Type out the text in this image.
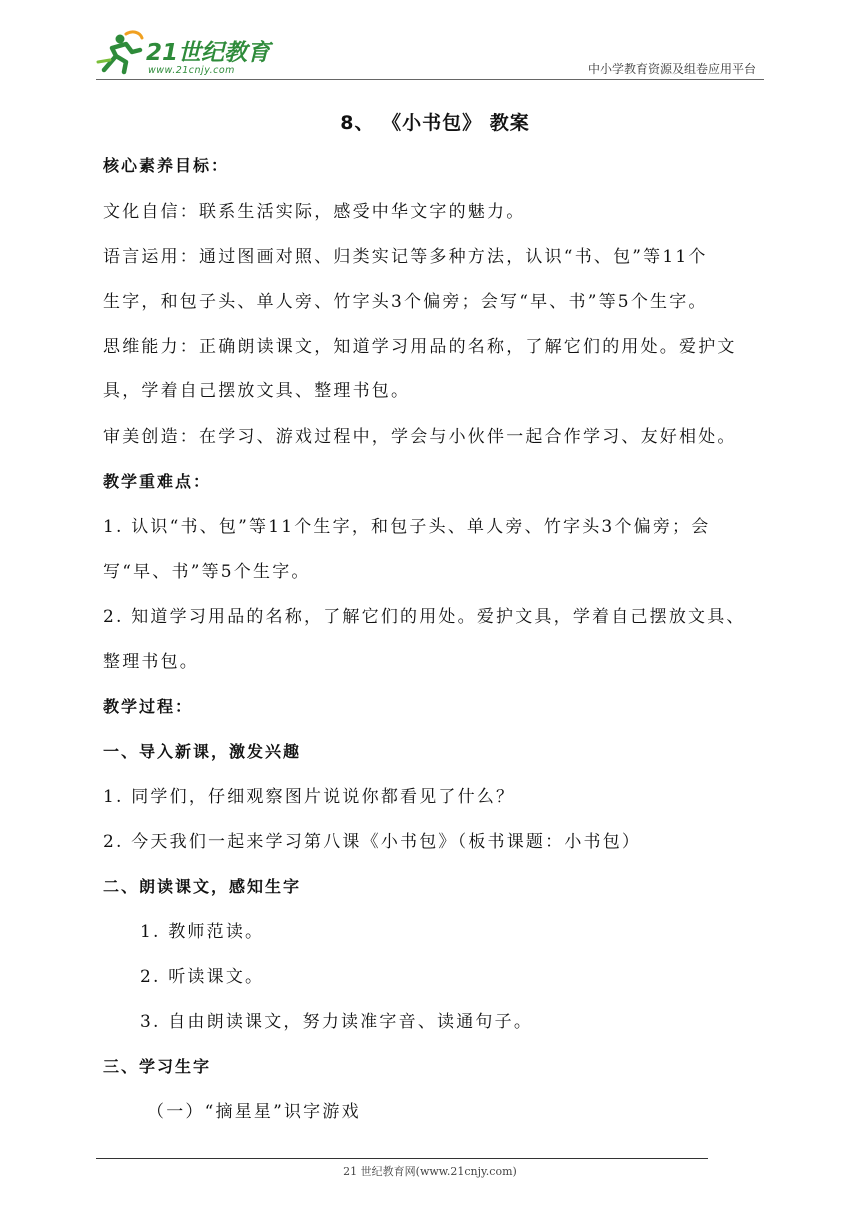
21世纪教育
www.21cnjy.com	中小学教育资源及组卷应用平台
8、 《小书包》 教案
核心素养目标：
文化自信：联系生活实际，感受中华文字的魅力。
语言运用：通过图画对照、归类实记等多种方法，认识“书、包”等11个
生字，和包子头、单人旁、竹字头3个偏旁；会写“早、书”等5个生字。
思维能力：正确朗读课文，知道学习用品的名称，了解它们的用处。爱护文
具，学着自己摆放文具、整理书包。
审美创造：在学习、游戏过程中，学会与小伙伴一起合作学习、友好相处。
教学重难点：
1. 认识“书、包”等11个生字，和包子头、单人旁、竹字头3个偏旁；会
写“早、书”等5个生字。
2. 知道学习用品的名称，了解它们的用处。爱护文具，学着自己摆放文具、
整理书包。
教学过程：
一、导入新课，激发兴趣
1. 同学们，仔细观察图片说说你都看见了什么？
2. 今天我们一起来学习第八课《小书包》（板书课题：小书包）
二、朗读课文，感知生字
1. 教师范读。
2. 听读课文。
3. 自由朗读课文，努力读准字音、读通句子。
三、学习生字
（一）“摘星星”识字游戏
21 世纪教育网(www.21cnjy.com)
